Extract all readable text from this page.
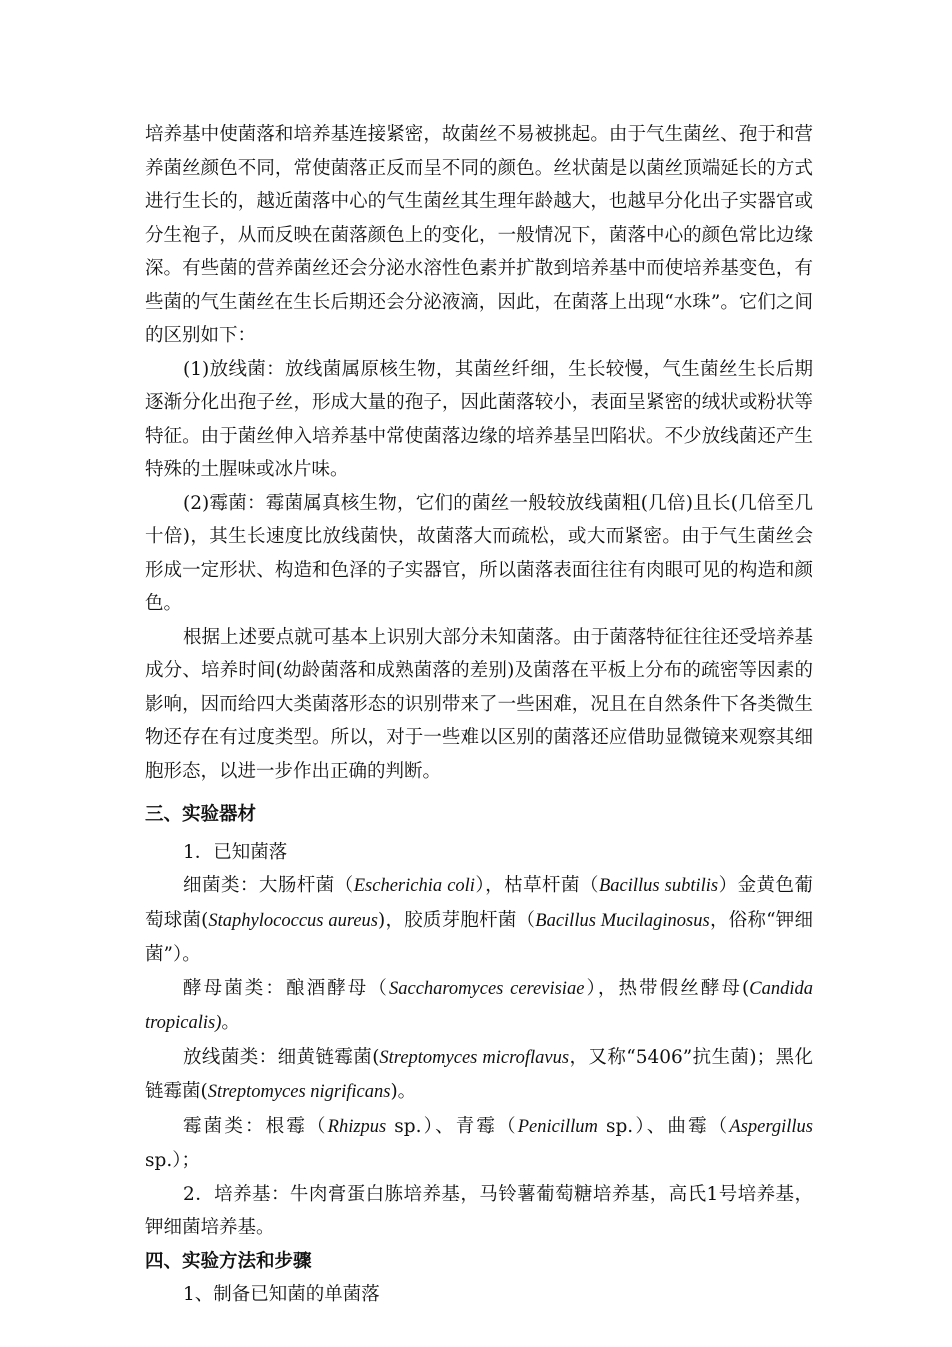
培养基中使菌落和培养基连接紧密，故菌丝不易被挑起。由于气生菌丝、孢于和营养菌丝颜色不同，常使菌落正反而呈不同的颜色。丝状菌是以菌丝顶端延长的方式进行生长的，越近菌落中心的气生菌丝其生理年龄越大，也越早分化出子实器官或分生袍子，从而反映在菌落颜色上的变化，一般情况下，菌落中心的颜色常比边缘深。有些菌的营养菌丝还会分泌水溶性色素并扩散到培养基中而使培养基变色，有些菌的气生菌丝在生长后期还会分泌液滴，因此，在菌落上出现“水珠”。它们之间的区别如下：

(1)放线菌：放线菌属原核生物，其菌丝纤细，生长较慢，气生菌丝生长后期逐渐分化出孢子丝，形成大量的孢子，因此菌落较小，表面呈紧密的绒状或粉状等特征。由于菌丝伸入培养基中常使菌落边缘的培养基呈凹陷状。不少放线菌还产生特殊的土腥味或冰片味。

(2)霉菌：霉菌属真核生物，它们的菌丝一般较放线菌粗(几倍)且长(几倍至几十倍)，其生长速度比放线菌快，故菌落大而疏松，或大而紧密。由于气生菌丝会形成一定形状、构造和色泽的子实器官，所以菌落表面往往有肉眼可见的构造和颜色。

根据上述要点就可基本上识别大部分未知菌落。由于菌落特征往往还受培养基成分、培养时间(幼龄菌落和成熟菌落的差别)及菌落在平板上分布的疏密等因素的影响，因而给四大类菌落形态的识别带来了一些困难，况且在自然条件下各类微生物还存在有过度类型。所以，对于一些难以区别的菌落还应借助显微镜来观察其细胞形态，以进一步作出正确的判断。

三、实验器材

1．已知菌落

细菌类：大肠杆菌（Escherichia coli），枯草杆菌（Bacillus subtilis）金黄色葡萄球菌(Staphylococcus aureus)，胶质芽胞杆菌（Bacillus Mucilaginosus，俗称“钾细菌”）。

酵母菌类：酿酒酵母（Saccharomyces cerevisiae），热带假丝酵母(Candida tropicalis)。

放线菌类：细黄链霉菌(Streptomyces microflavus，又称“5406”抗生菌)；黑化链霉菌(Streptomyces nigrificans)。

霉菌类：根霉（Rhizpus sp.）、青霉（Penicillum sp.）、曲霉（Aspergillus sp.）；

2．培养基：牛肉膏蛋白胨培养基，马铃薯葡萄糖培养基，高氏1号培养基，钾细菌培养基。

四、实验方法和步骤

1、制备已知菌的单菌落
